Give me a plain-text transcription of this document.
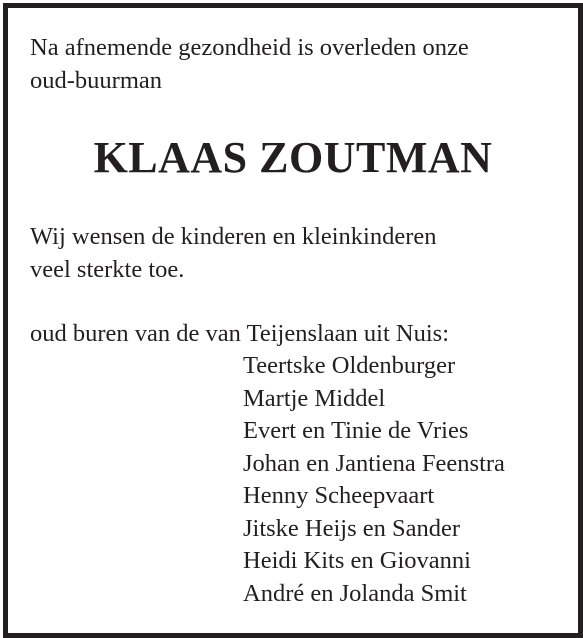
Na afnemende gezondheid is overleden onze
oud-buurman
KLAAS ZOUTMAN
Wij wensen de kinderen en kleinkinderen
veel sterkte toe.
oud buren van de van Teijenslaan uit Nuis:
Teertske Oldenburger
Martje Middel
Evert en Tinie de Vries
Johan en Jantiena Feenstra
Henny Scheepvaart
Jitske Heijs en Sander
Heidi Kits en Giovanni
André en Jolanda Smit
